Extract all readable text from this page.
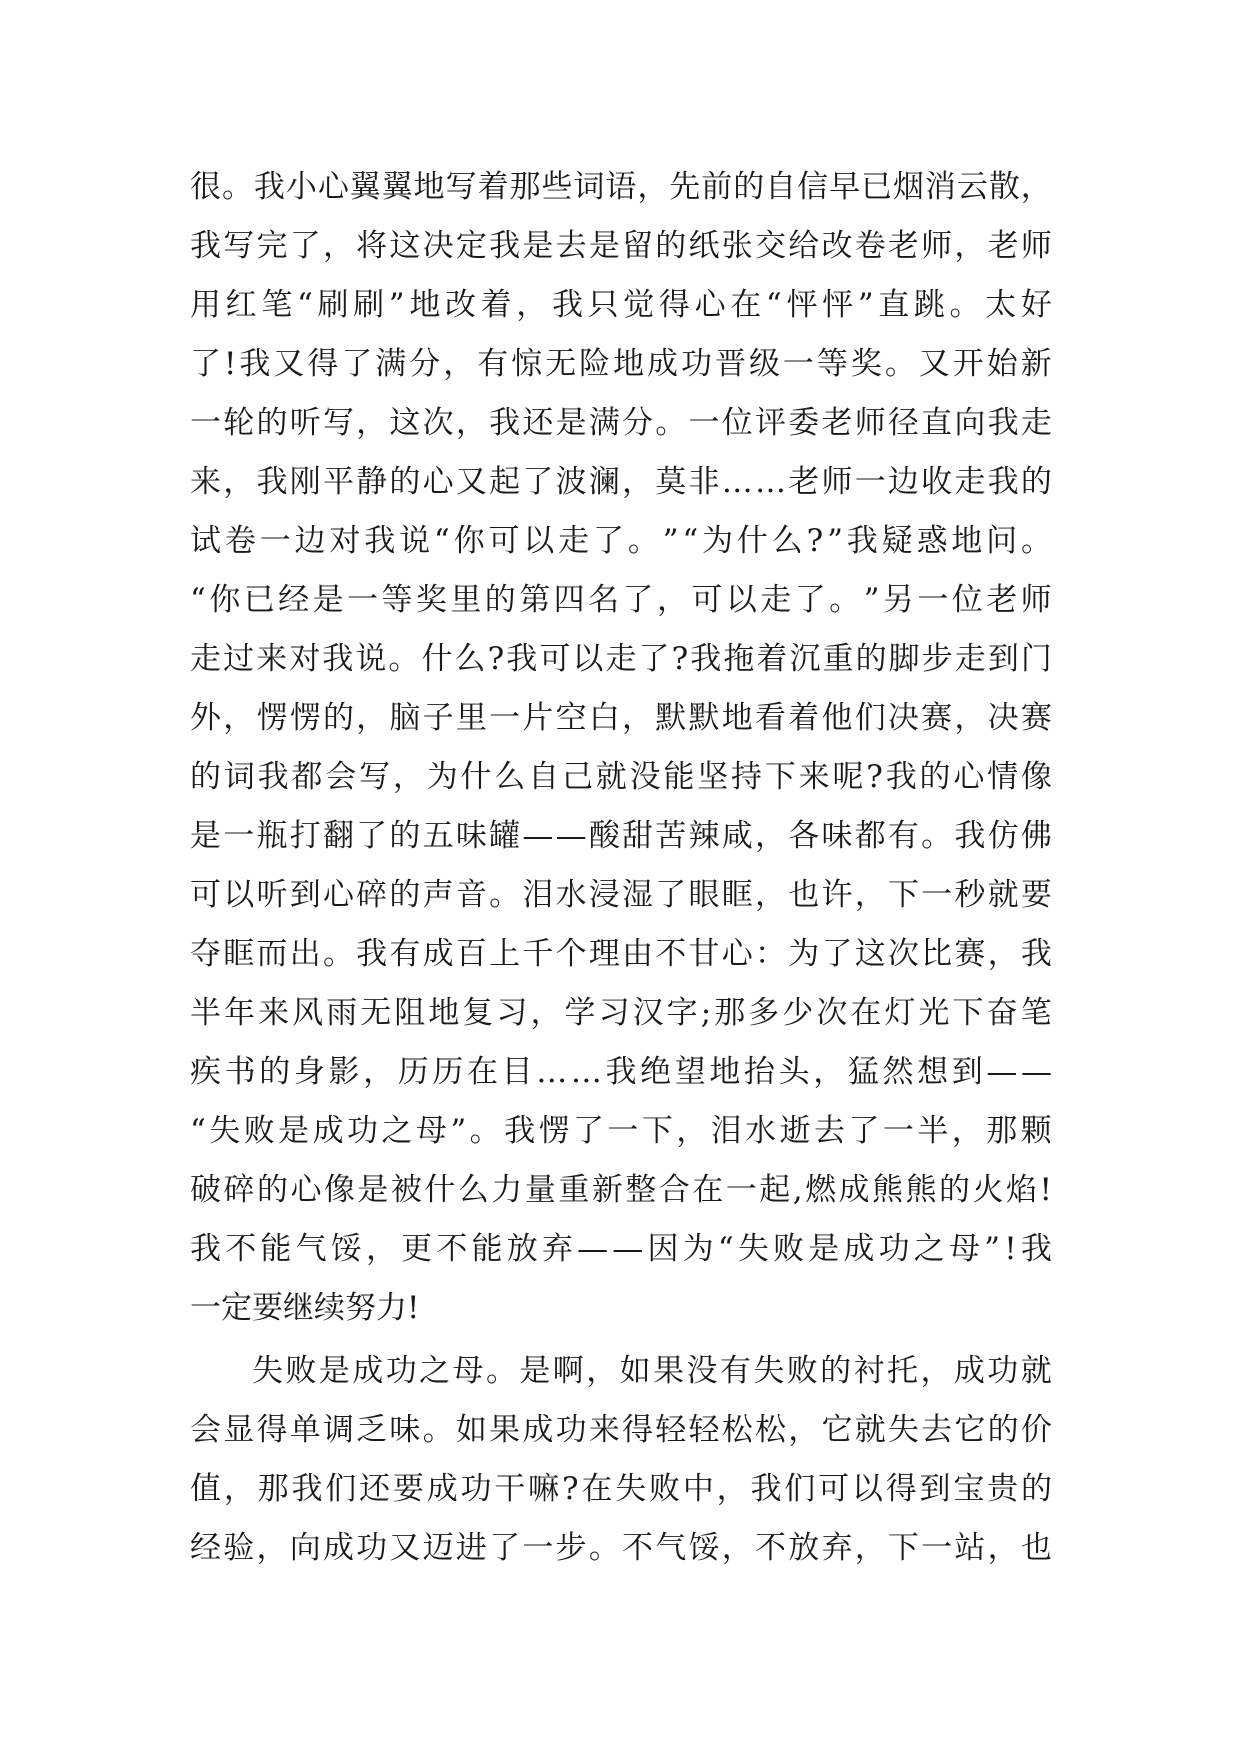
很 。 我 小 心 翼 翼 地 写 着 那 些 词 语 ， 先 前 的 自 信 早 已 烟 消 云 散 ，
我 写 完 了 ， 将 这 决 定 我 是 去 是 留 的 纸 张 交 给 改 卷 老 师 ， 老 师
用 红 笔 “ 刷 刷 ” 地 改 着 ， 我 只 觉 得 心 在 “ 怦 怦 ” 直 跳 。 太 好
了 ! 我 又 得 了 满 分 ， 有 惊 无 险 地 成 功 晋 级 一 等 奖 。 又 开 始 新
一 轮 的 听 写 ， 这 次 ， 我 还 是 满 分 。 一 位 评 委 老 师 径 直 向 我 走
来 ， 我 刚 平 静 的 心 又 起 了 波 澜 ， 莫 非 … … 老 师 一 边 收 走 我 的
试 卷 一 边 对 我 说 “ 你 可 以 走 了 。 ” “ 为 什 么 ? ” 我 疑 惑 地 问 。
“ 你 已 经 是 一 等 奖 里 的 第 四 名 了 ， 可 以 走 了 。 ” 另 一 位 老 师
走 过 来 对 我 说 。 什 么 ? 我 可 以 走 了 ? 我 拖 着 沉 重 的 脚 步 走 到 门
外 ， 愣 愣 的 ， 脑 子 里 一 片 空 白 ， 默 默 地 看 着 他 们 决 赛 ， 决 赛
的 词 我 都 会 写 ， 为 什 么 自 己 就 没 能 坚 持 下 来 呢 ? 我 的 心 情 像
是 一 瓶 打 翻 了 的 五 味 罐 — — 酸 甜 苦 辣 咸 ， 各 味 都 有 。 我 仿 佛
可 以 听 到 心 碎 的 声 音 。 泪 水 浸 湿 了 眼 眶 ， 也 许 ， 下 一 秒 就 要
夺 眶 而 出 。 我 有 成 百 上 千 个 理 由 不 甘 心 ： 为 了 这 次 比 赛 ， 我
半 年 来 风 雨 无 阻 地 复 习 ， 学 习 汉 字 ; 那 多 少 次 在 灯 光 下 奋 笔
疾 书 的 身 影 ， 历 历 在 目 … … 我 绝 望 地 抬 头 ， 猛 然 想 到 — —
“ 失 败 是 成 功 之 母 ” 。 我 愣 了 一 下 ， 泪 水 逝 去 了 一 半 ， 那 颗
破 碎 的 心 像 是 被 什 么 力 量 重 新 整 合 在 一 起 , 燃 成 熊 熊 的 火 焰 !
我 不 能 气 馁 ， 更 不 能 放 弃 — — 因 为 “ 失 败 是 成 功 之 母 ” ! 我
一定要继续努力!
失 败 是 成 功 之 母 。 是 啊 ， 如 果 没 有 失 败 的 衬 托 ， 成 功 就
会 显 得 单 调 乏 味 。 如 果 成 功 来 得 轻 轻 松 松 ， 它 就 失 去 它 的 价
值 ， 那 我 们 还 要 成 功 干 嘛 ? 在 失 败 中 ， 我 们 可 以 得 到 宝 贵 的
经 验 ， 向 成 功 又 迈 进 了 一 步 。 不 气 馁 ， 不 放 弃 ， 下 一 站 ， 也
